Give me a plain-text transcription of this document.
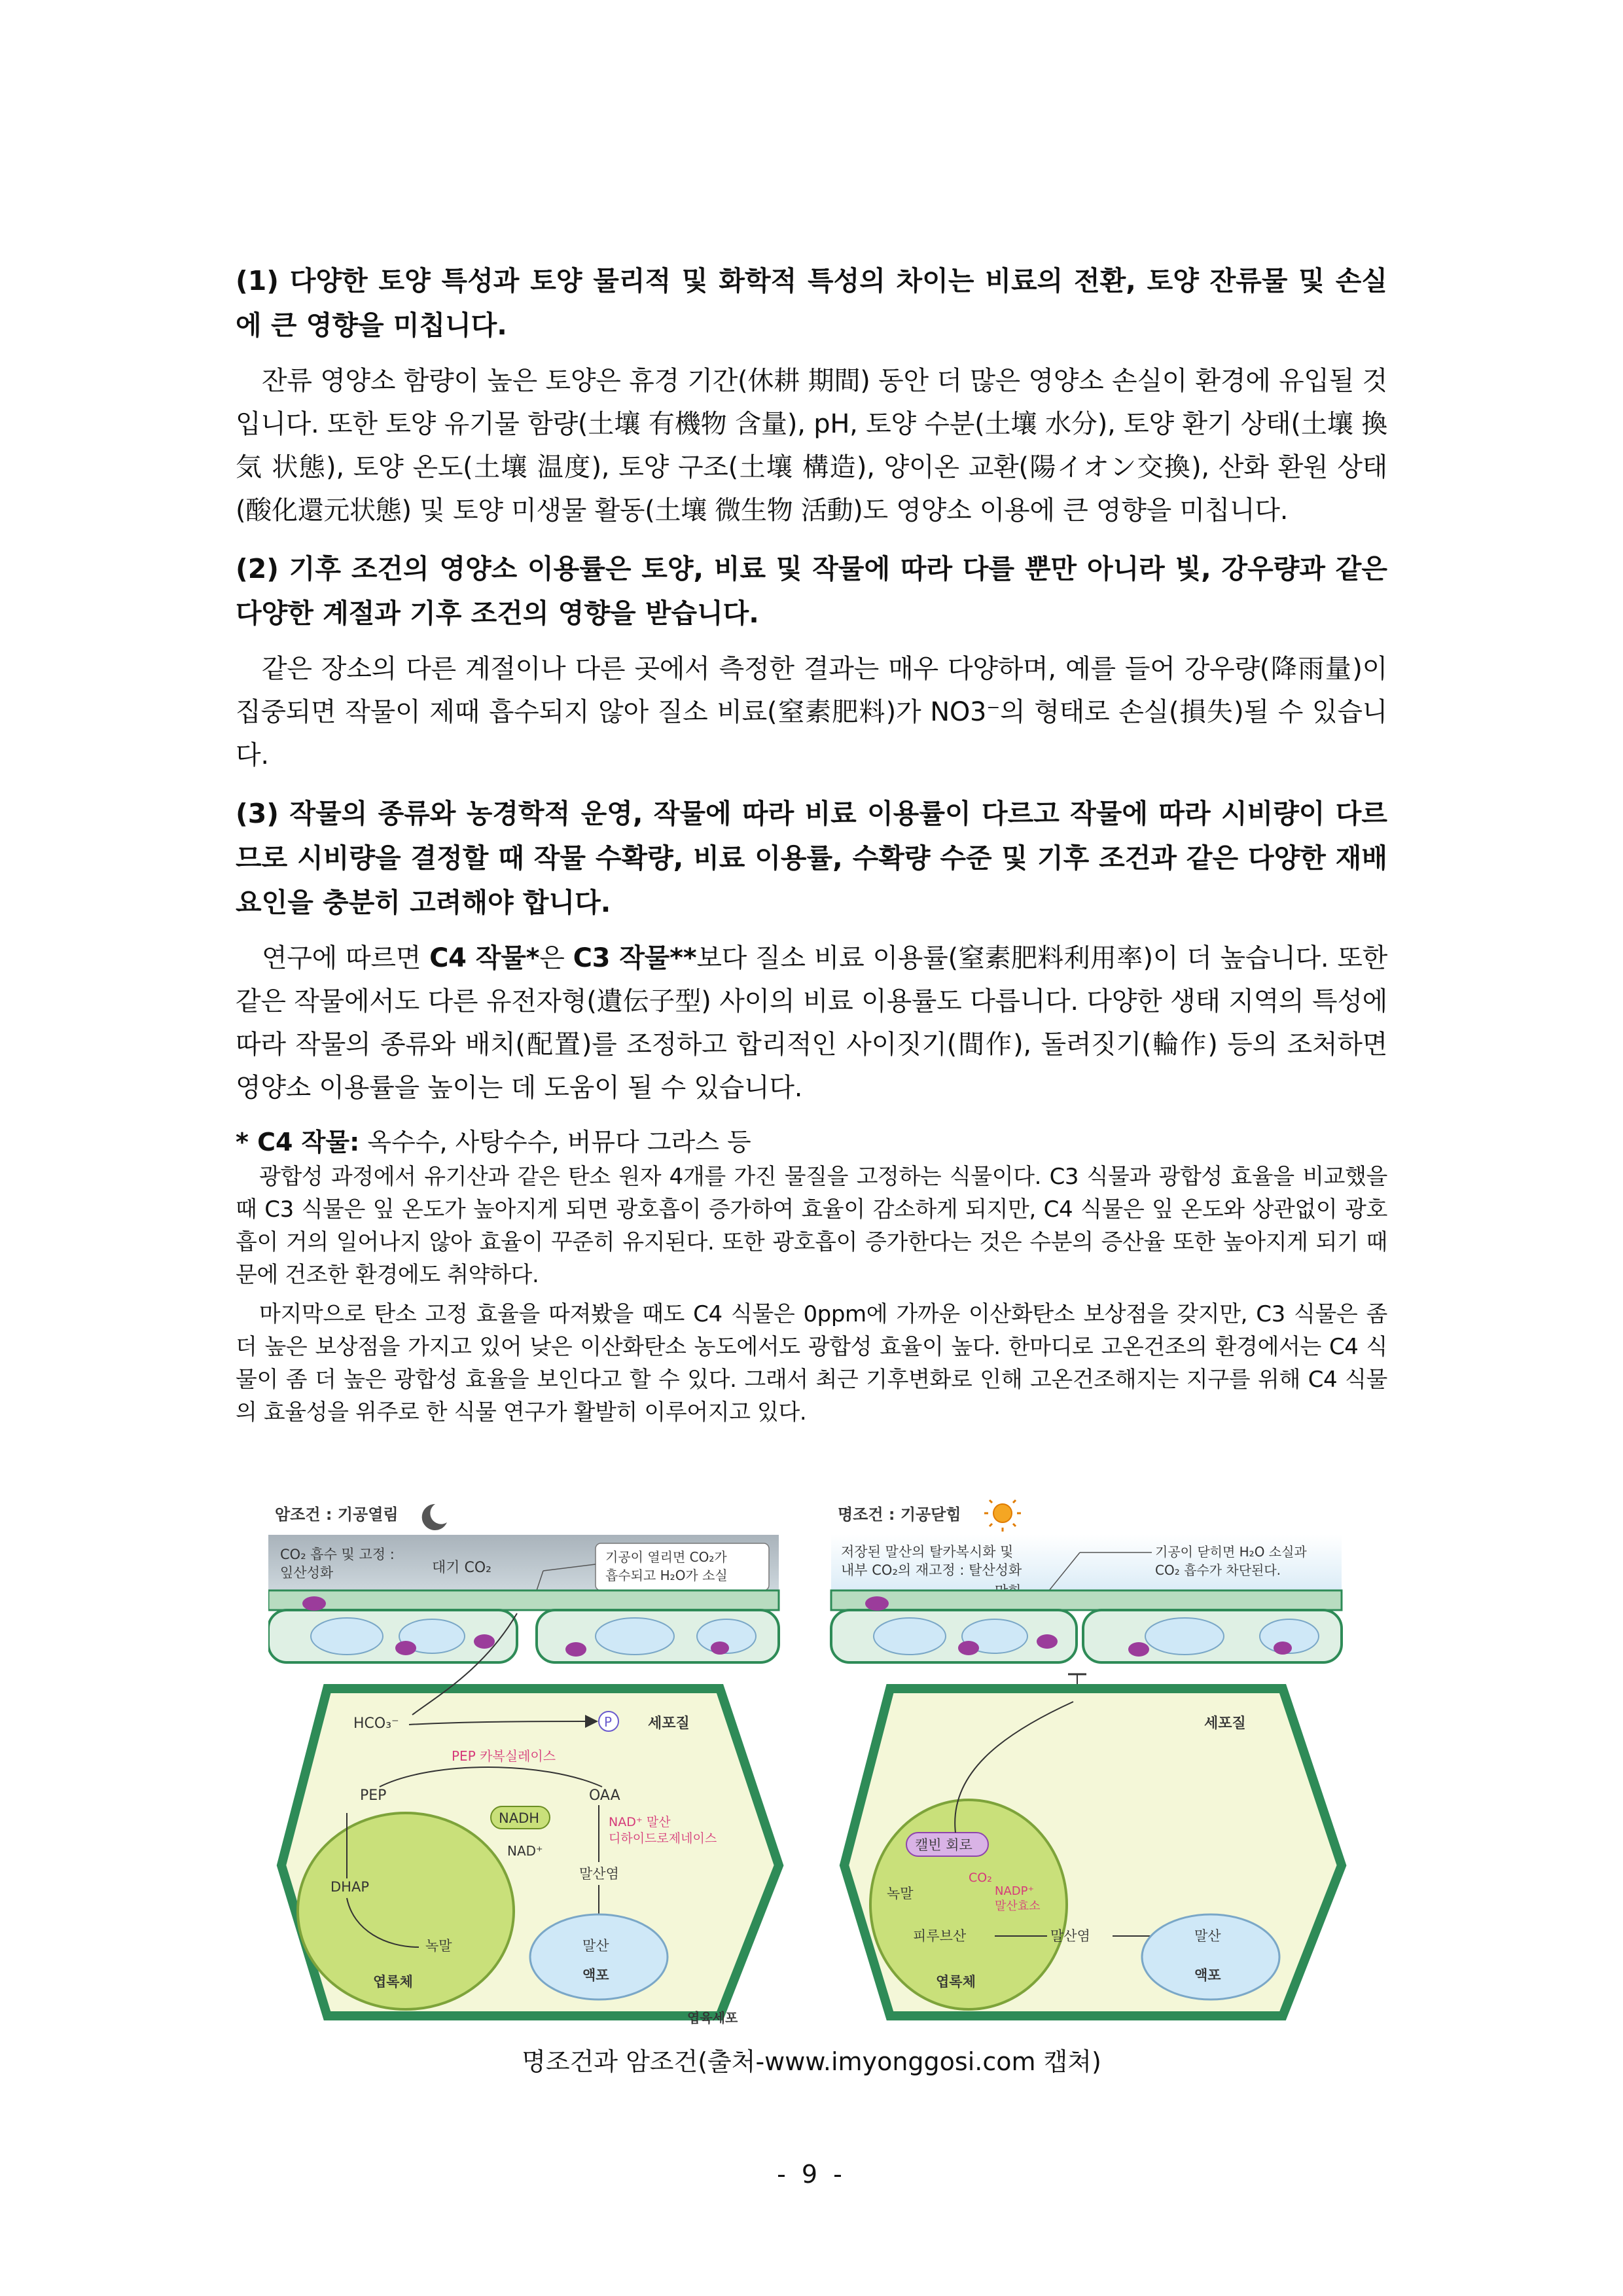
(1) 다양한 토양 특성과 토양 물리적 및 화학적 특성의 차이는 비료의 전환, 토양 잔류물 및 손실에 큰 영향을 미칩니다.

잔류 영양소 함량이 높은 토양은 휴경 기간(休耕 期間) 동안 더 많은 영양소 손실이 환경에 유입될 것입니다. 또한 토양 유기물 함량(土壤 有機物 含量), pH, 토양 수분(土壤 水分), 토양 환기 상태(土壤 換気 状態), 토양 온도(土壤 温度), 토양 구조(土壤 構造), 양이온 교환(陽イオン交換), 산화 환원 상태(酸化還元状態) 및 토양 미생물 활동(土壤 微生物 活動)도 영양소 이용에 큰 영향을 미칩니다.

(2) 기후 조건의 영양소 이용률은 토양, 비료 및 작물에 따라 다를 뿐만 아니라 빛, 강우량과 같은 다양한 계절과 기후 조건의 영향을 받습니다.

같은 장소의 다른 계절이나 다른 곳에서 측정한 결과는 매우 다양하며, 예를 들어 강우량(降雨量)이 집중되면 작물이 제때 흡수되지 않아 질소 비료(窒素肥料)가 NO3⁻의 형태로 손실(損失)될 수 있습니다.

(3) 작물의 종류와 농경학적 운영, 작물에 따라 비료 이용률이 다르고 작물에 따라 시비량이 다르므로 시비량을 결정할 때 작물 수확량, 비료 이용률, 수확량 수준 및 기후 조건과 같은 다양한 재배 요인을 충분히 고려해야 합니다.

연구에 따르면 C4 작물*은 C3 작물**보다 질소 비료 이용률(窒素肥料利用率)이 더 높습니다. 또한 같은 작물에서도 다른 유전자형(遺伝子型) 사이의 비료 이용률도 다릅니다. 다양한 생태 지역의 특성에 따라 작물의 종류와 배치(配置)를 조정하고 합리적인 사이짓기(間作), 돌려짓기(輪作) 등의 조처하면 영양소 이용률을 높이는 데 도움이 될 수 있습니다.

* C4 작물: 옥수수, 사탕수수, 버뮤다 그라스 등

광합성 과정에서 유기산과 같은 탄소 원자 4개를 가진 물질을 고정하는 식물이다. C3 식물과 광합성 효율을 비교했을 때 C3 식물은 잎 온도가 높아지게 되면 광호흡이 증가하여 효율이 감소하게 되지만, C4 식물은 잎 온도와 상관없이 광호흡이 거의 일어나지 않아 효율이 꾸준히 유지된다. 또한 광호흡이 증가한다는 것은 수분의 증산율 또한 높아지게 되기 때문에 건조한 환경에도 취약하다.

마지막으로 탄소 고정 효율을 따져봤을 때도 C4 식물은 0ppm에 가까운 이산화탄소 보상점을 갖지만, C3 식물은 좀 더 높은 보상점을 가지고 있어 낮은 이산화탄소 농도에서도 광합성 효율이 높다. 한마디로 고온건조의 환경에서는 C4 식물이 좀 더 높은 광합성 효율을 보인다고 할 수 있다. 그래서 최근 기후변화로 인해 고온건조해지는 지구를 위해 C4 식물의 효율성을 위주로 한 식물 연구가 활발히 이루어지고 있다.

암조건 : 기공열림
CO₂ 흡수 및 고정 :
잎산성화	대기 CO₂
기공이 열리면 CO₂가
흡수되고 H₂O가 소실
HCO₃⁻	P 세포질
PEP 카복실레이스
PEP	OAA
NADH
NAD⁺
NAD⁺ 말산
디하이드로제네이스
말산염
DHAP
녹말
엽록체
말산
액포
엽육세포
명조건 : 기공닫힘
저장된 말산의 탈카복시화 및
내부 CO₂의 재고정 : 탈산성화
기공이 닫히면 H₂O 소실과
CO₂ 흡수가 차단된다.
세포질
캘빈 회로
CO₂
NADP⁺
말산효소
녹말
피루브산
엽록체
말산염	말산
액포
명조건과 암조건(출처-www.imyonggosi.com 캡쳐)
- 9 -
